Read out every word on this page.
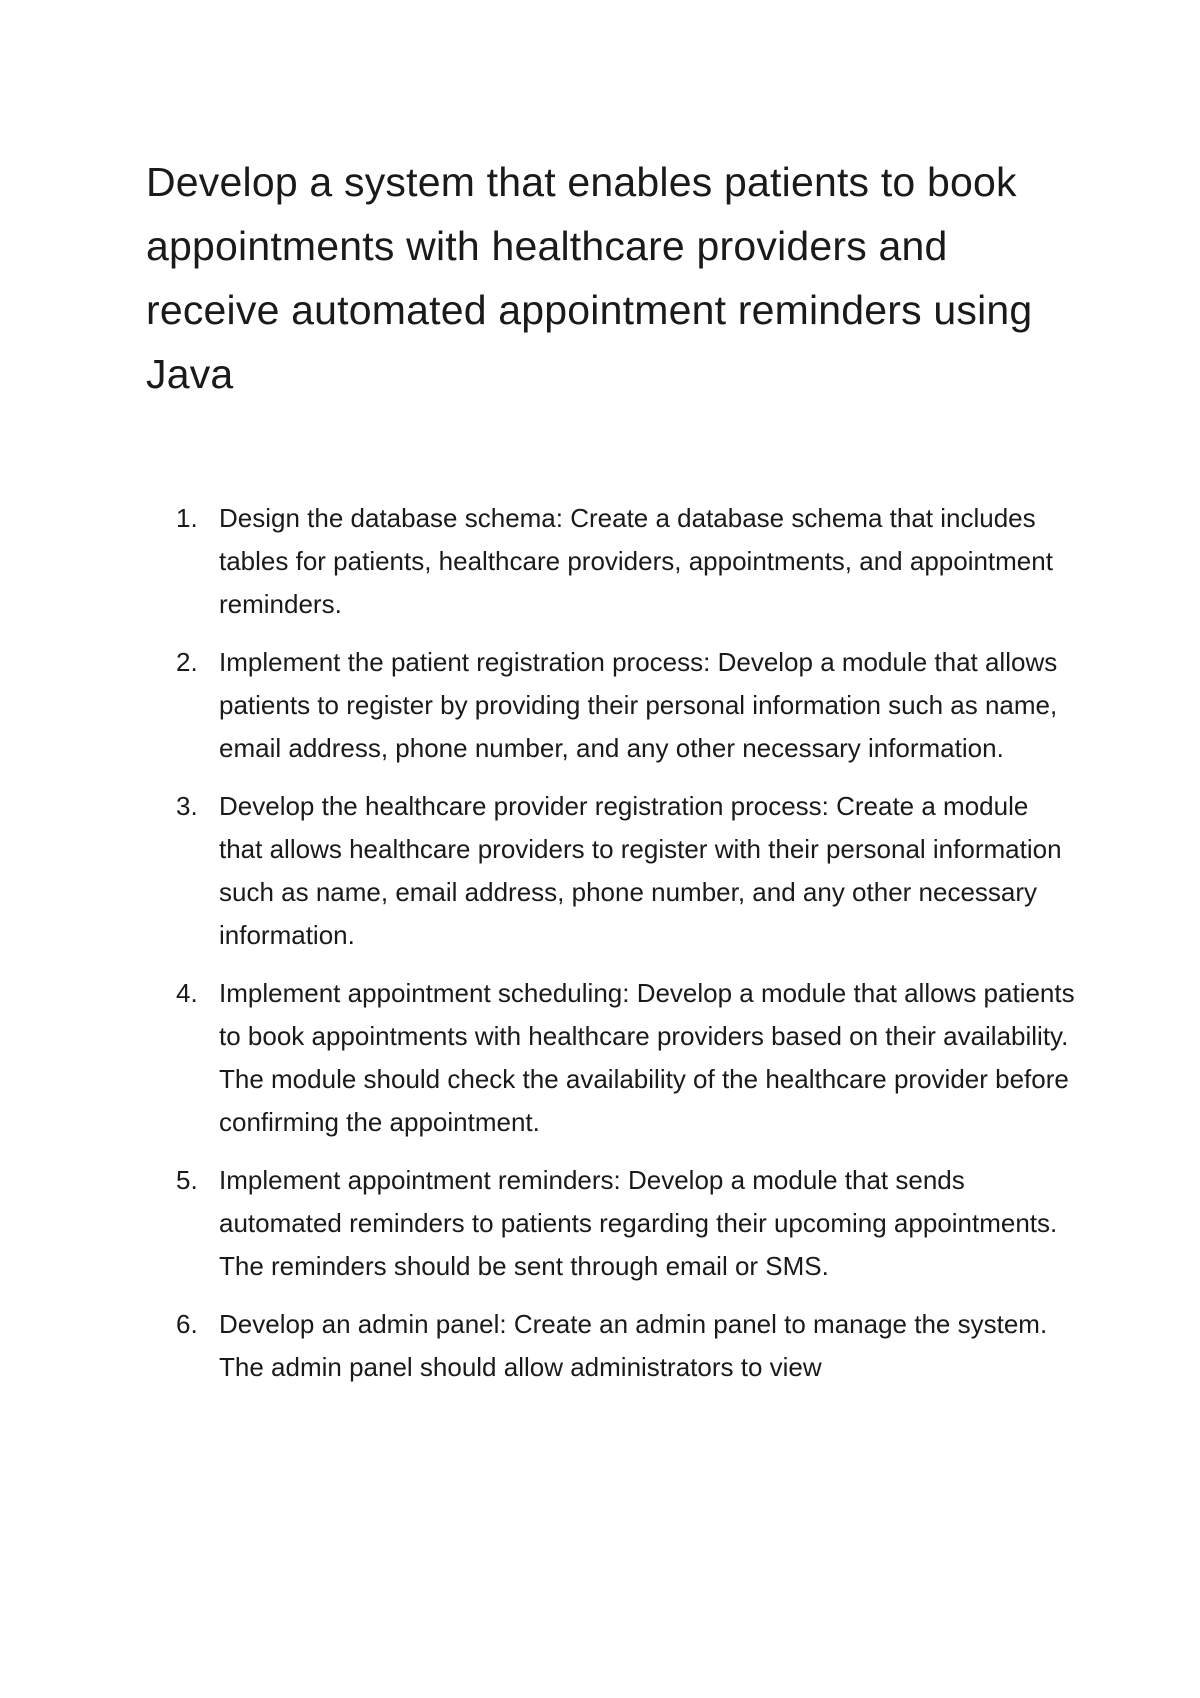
Develop a system that enables patients to book appointments with healthcare providers and receive automated appointment reminders using Java
1. Design the database schema: Create a database schema that includes tables for patients, healthcare providers, appointments, and appointment reminders.
2. Implement the patient registration process: Develop a module that allows patients to register by providing their personal information such as name, email address, phone number, and any other necessary information.
3. Develop the healthcare provider registration process: Create a module that allows healthcare providers to register with their personal information such as name, email address, phone number, and any other necessary information.
4. Implement appointment scheduling: Develop a module that allows patients to book appointments with healthcare providers based on their availability. The module should check the availability of the healthcare provider before confirming the appointment.
5. Implement appointment reminders: Develop a module that sends automated reminders to patients regarding their upcoming appointments. The reminders should be sent through email or SMS.
6. Develop an admin panel: Create an admin panel to manage the system. The admin panel should allow administrators to view
